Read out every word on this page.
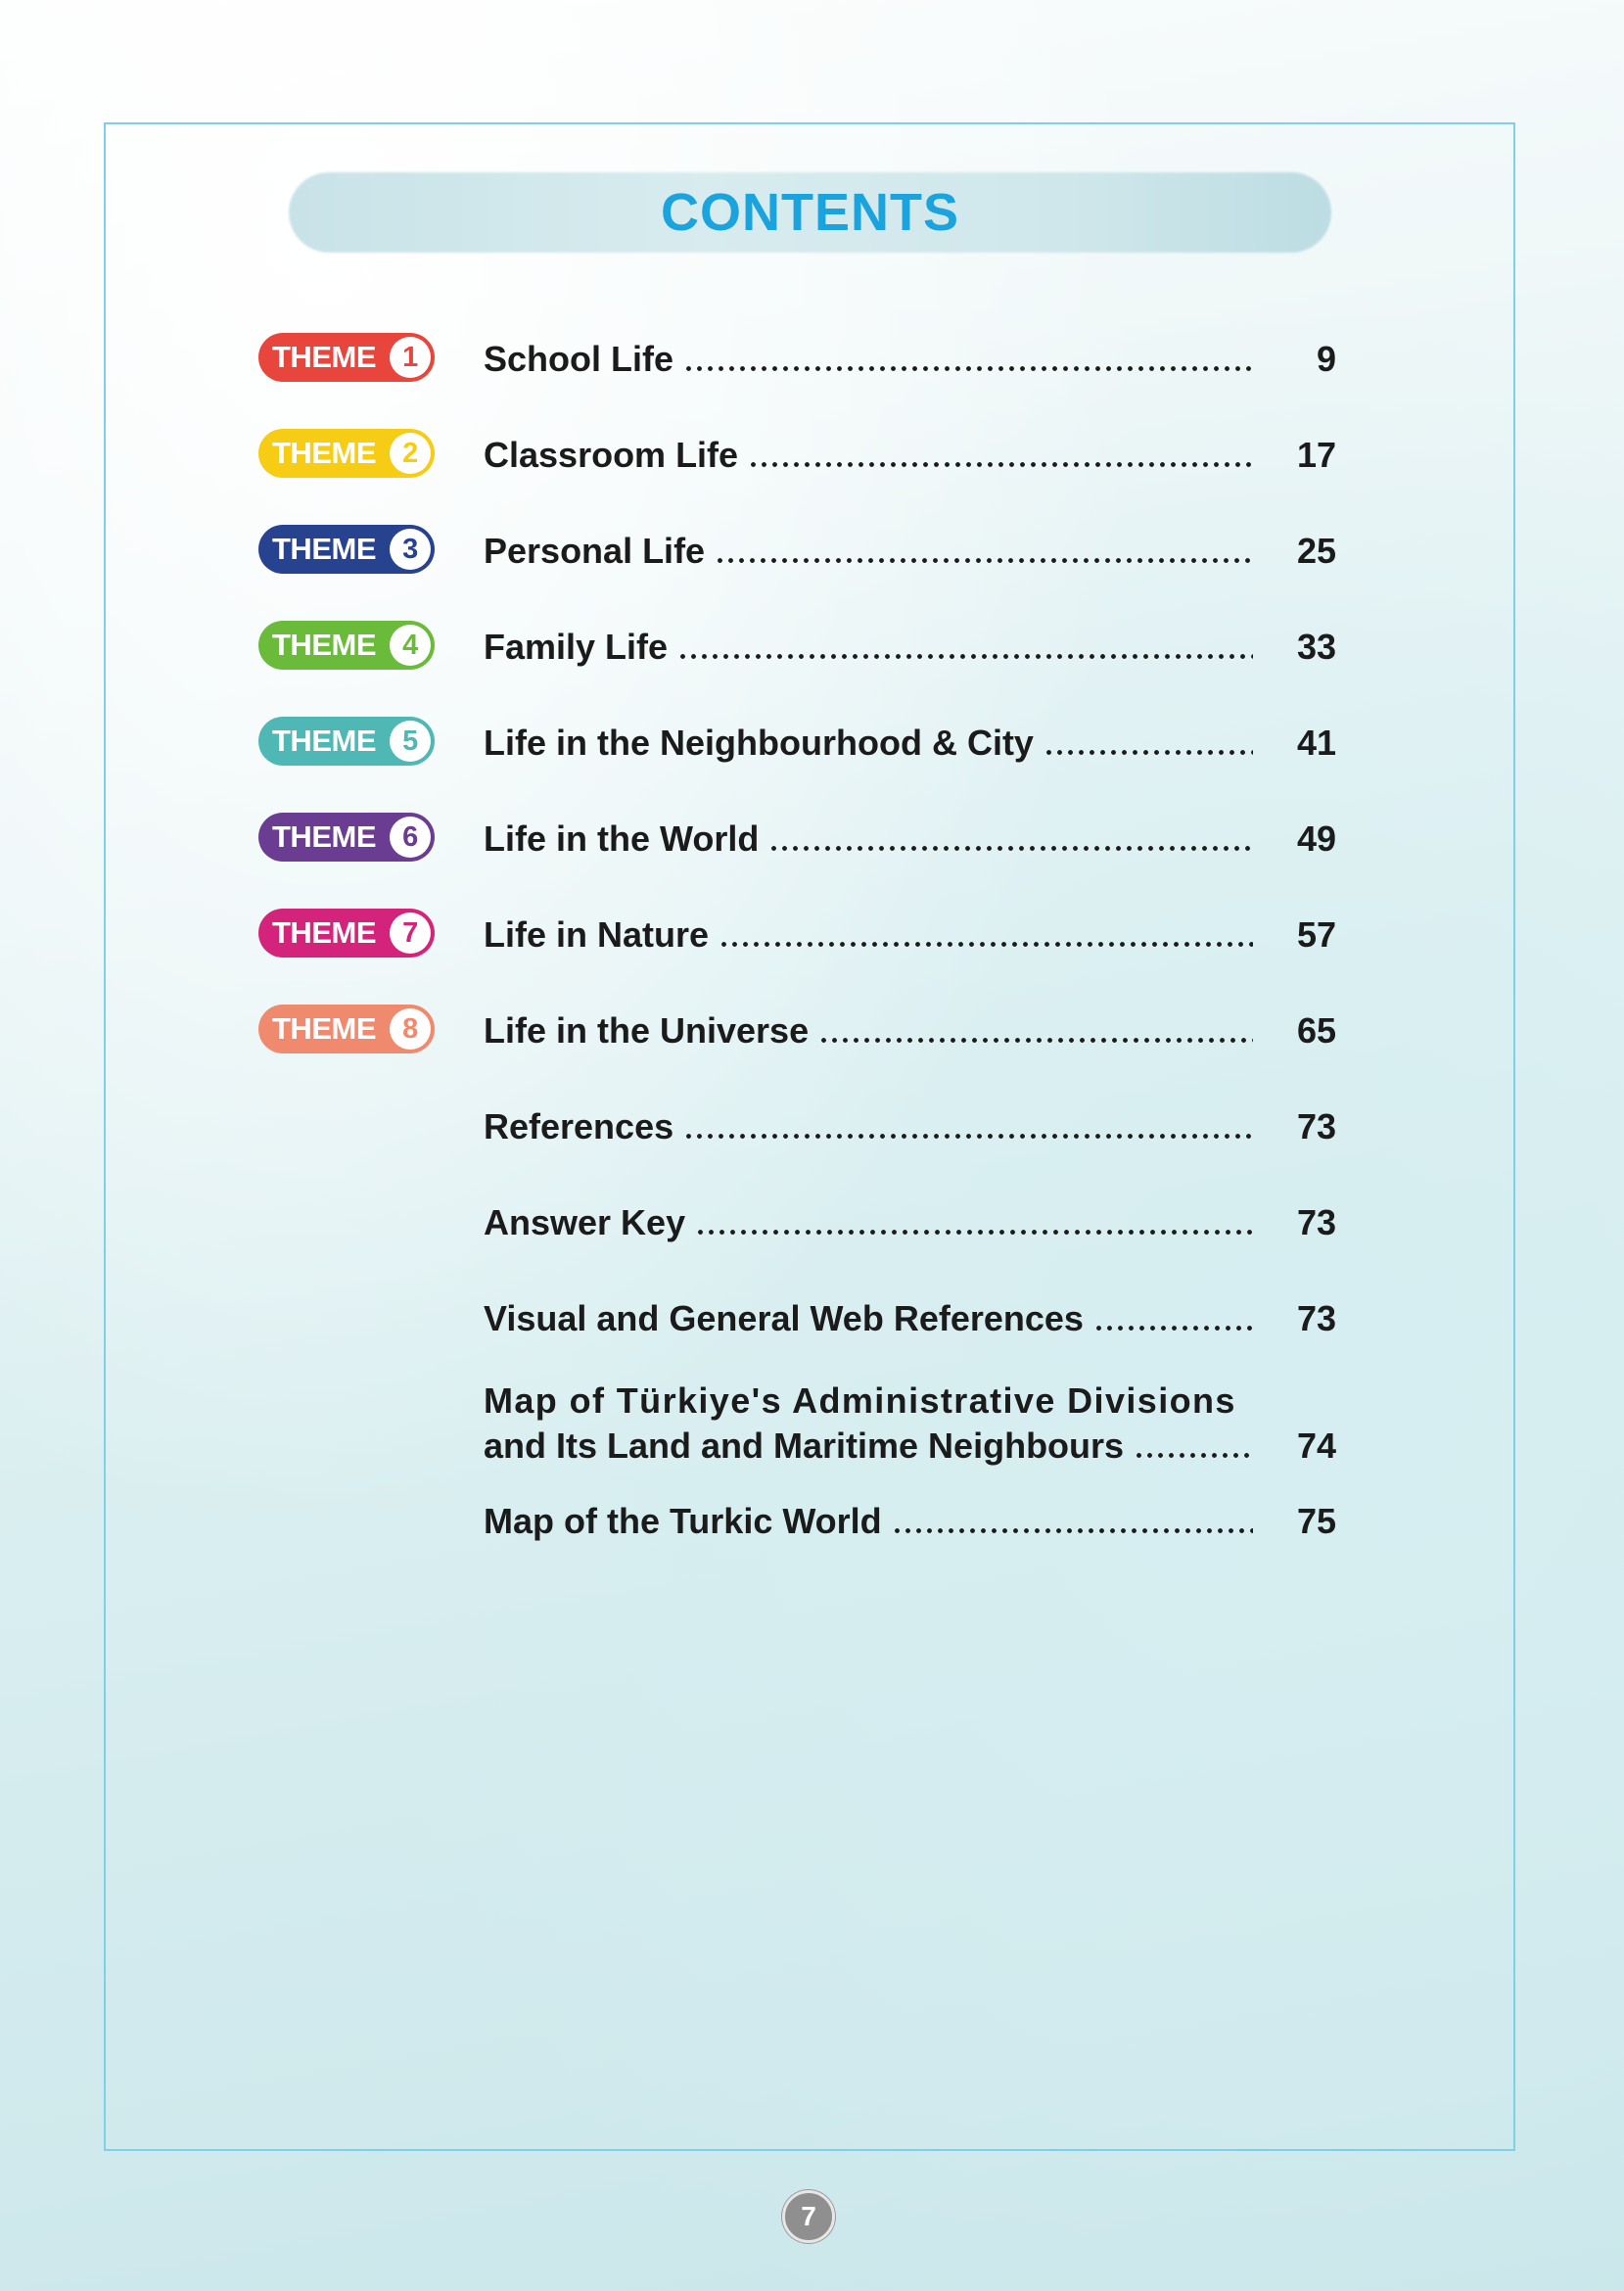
CONTENTS
THEME 1 School Life	9
THEME 2 Classroom Life	17
THEME 3 Personal Life	25
THEME 4 Family Life	33
THEME 5 Life in the Neighbourhood & City	41
THEME 6 Life in the World	49
THEME 7 Life in Nature	57
THEME 8 Life in the Universe	65
References	73
Answer Key	73
Visual and General Web References	73
Map of Türkiye's Administrative Divisions
and Its Land and Maritime Neighbours	74
Map of the Turkic World	75
7
